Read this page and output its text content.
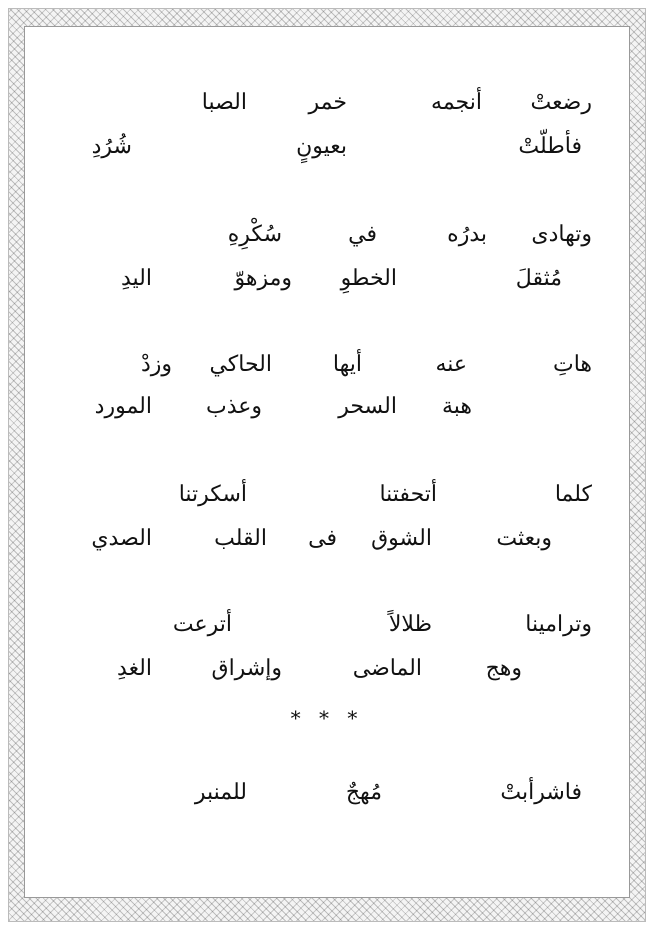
رضعتْ
أنجمه
خمر
الصبا
فأطلّتْ
بعيونٍ
شُرُدِ
وتهادى
بدرُه
في
سُكْرِهِ
مُثقلَ
الخطوِ
ومزهوّ
اليدِ
هاتِ
عنه
أيها
الحاكي
وزدْ
هبة
السحر
وعذب
المورد
كلما
أتحفتنا
أسكرتنا
وبعثت
الشوق
فى
القلب
الصدي
وترامينا
ظلالاً
أترعت
وهج
الماضى
وإشراق
الغدِ
* * *
فاشرأبتْ
مُهجٌ
للمنبر
